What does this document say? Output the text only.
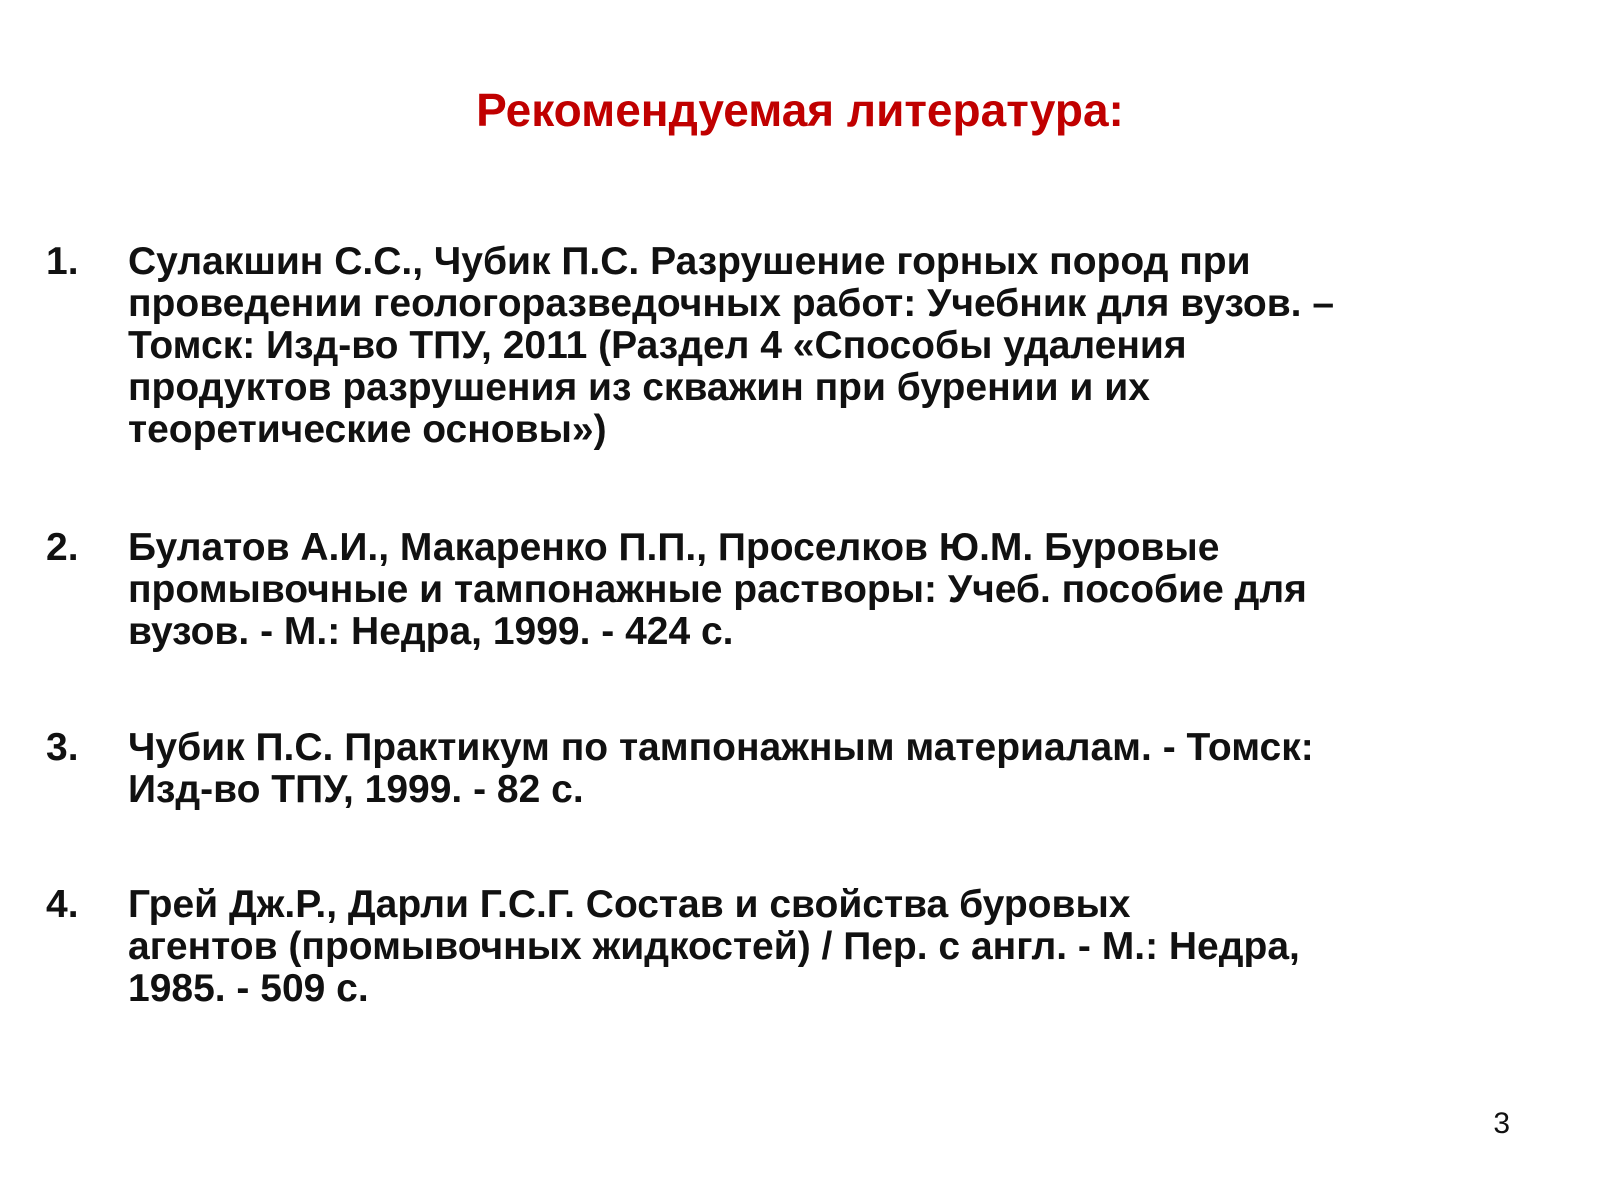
Рекомендуемая литература:
1. Сулакшин С.С., Чубик П.С. Разрушение горных пород при
проведении геологоразведочных работ: Учебник для вузов. –
Томск: Изд-во ТПУ, 2011 (Раздел 4 «Способы удаления
продуктов разрушения из скважин при бурении и их
теоретические основы»)
2. Булатов А.И., Макаренко П.П., Проселков Ю.М. Буровые
промывочные и тампонажные растворы: Учеб. пособие для
вузов. - М.: Недра, 1999. - 424 с.
3. Чубик П.С. Практикум по тампонажным материалам. - Томск:
Изд-во ТПУ, 1999. - 82 с.
4. Грей Дж.Р., Дарли Г.С.Г. Состав и свойства буровых
агентов (промывочных жидкостей) / Пер. с англ. - М.: Недра,
1985. - 509 с.
3
